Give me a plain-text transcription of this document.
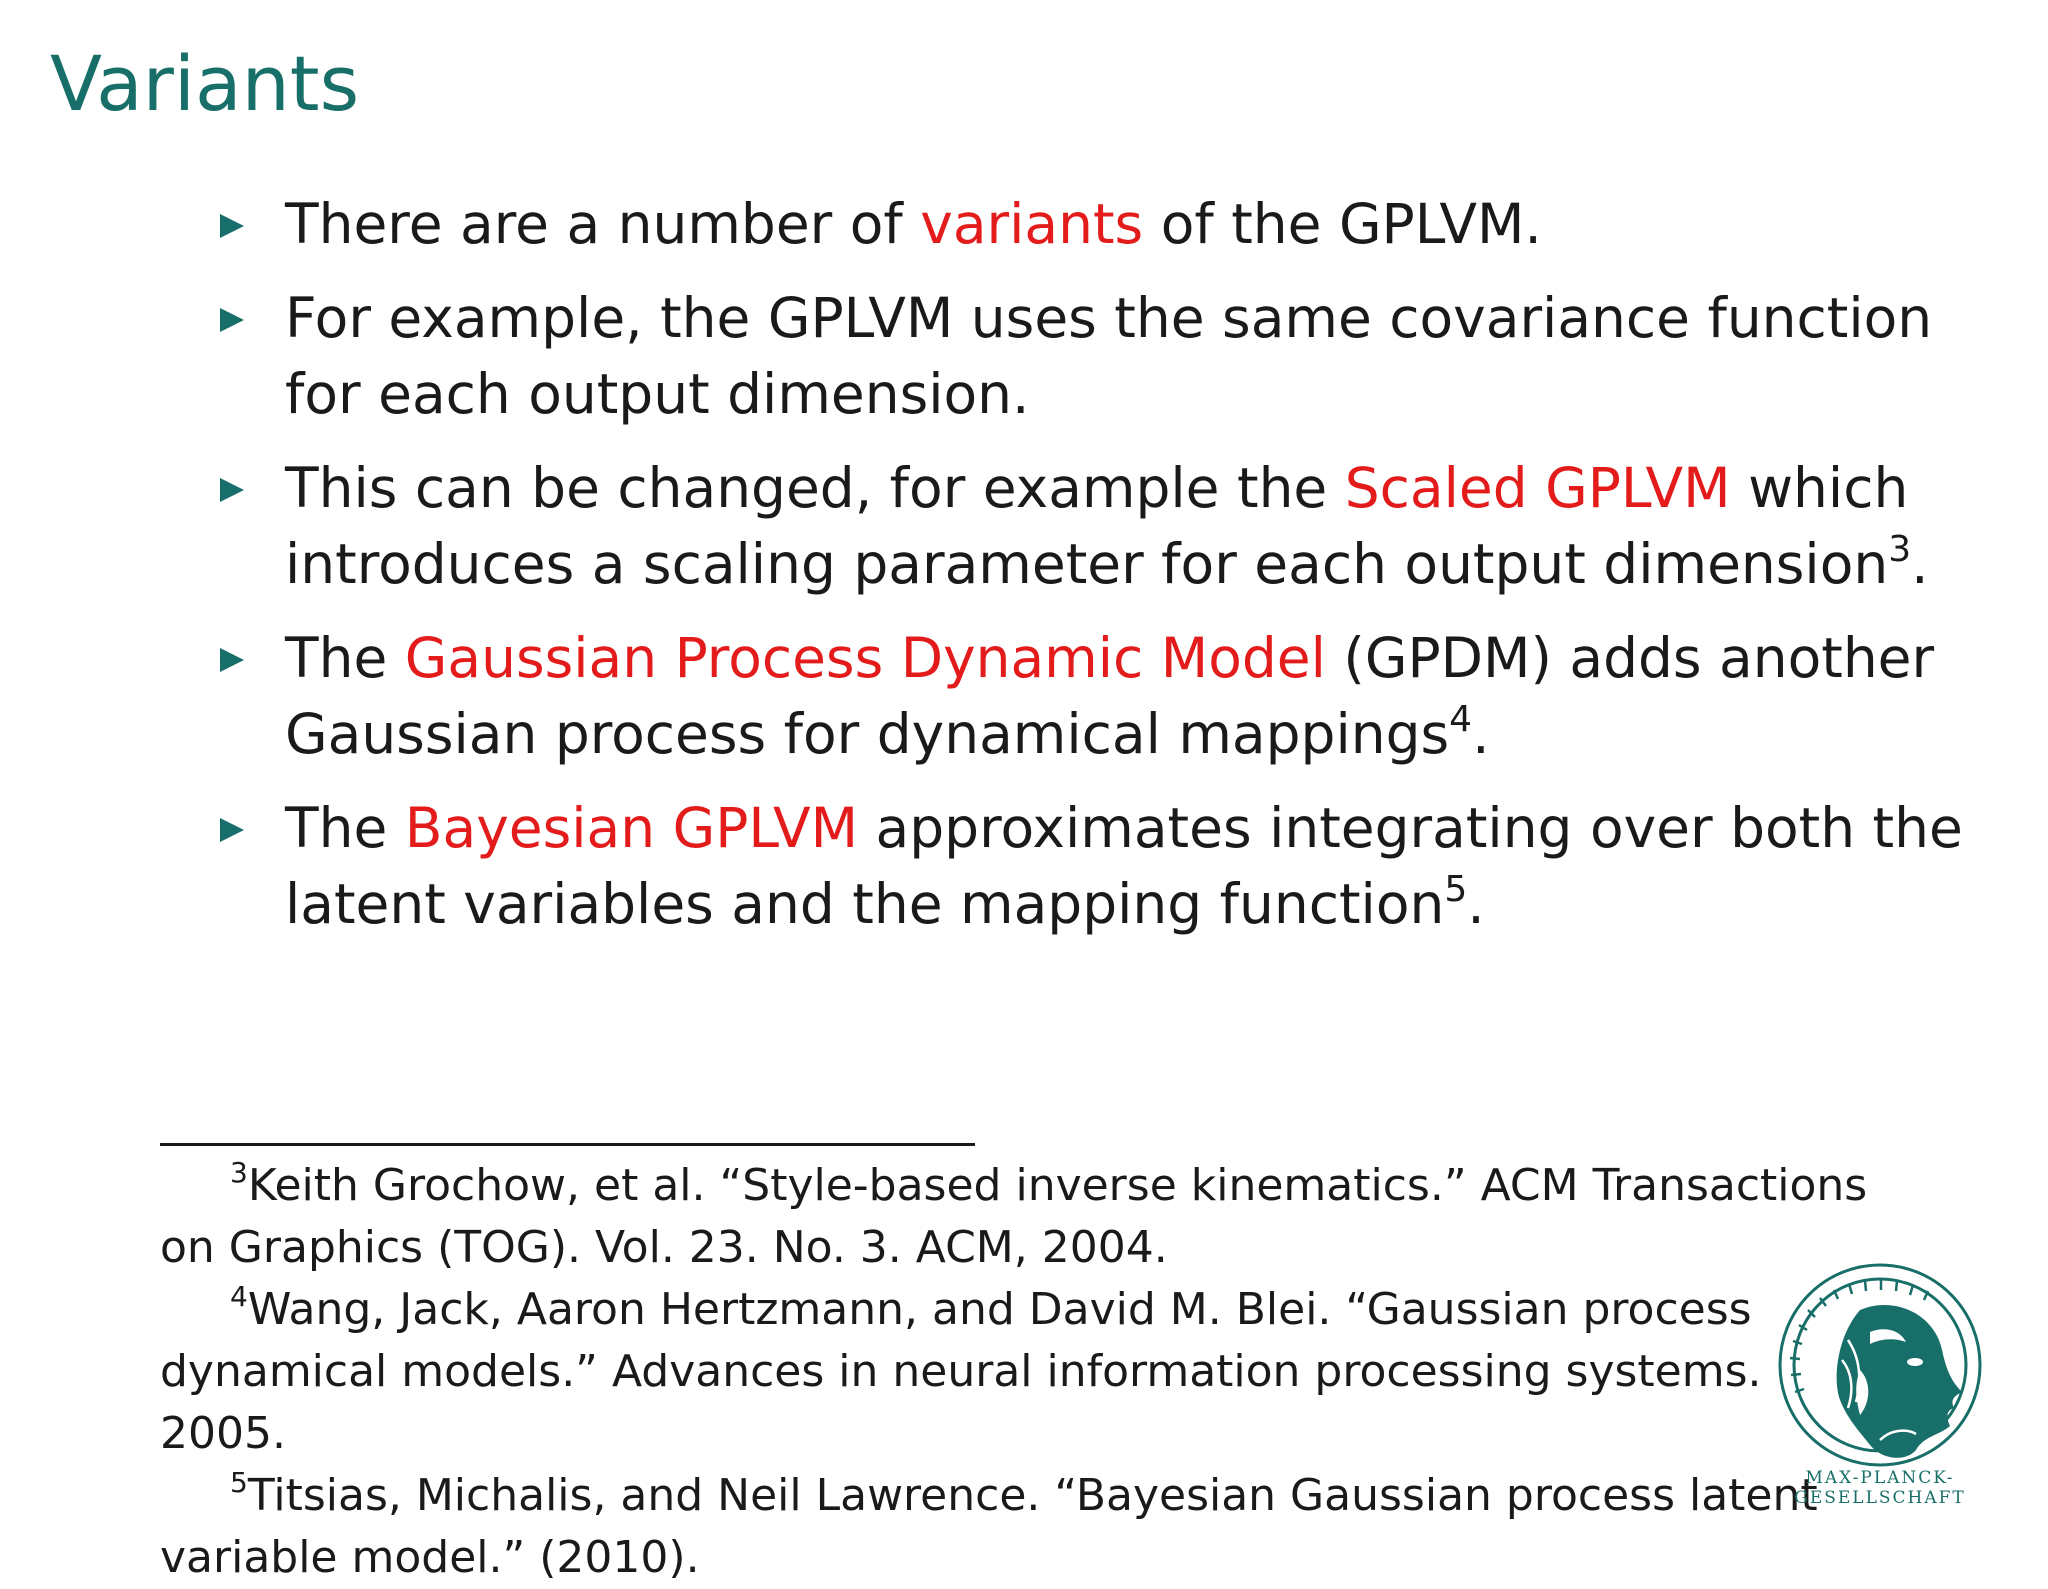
Variants
There are a number of variants of the GPLVM.
For example, the GPLVM uses the same covariance function for each output dimension.
This can be changed, for example the Scaled GPLVM which introduces a scaling parameter for each output dimension$^3$.
The Gaussian Process Dynamic Model (GPDM) adds another Gaussian process for dynamical mappings$^4$.
The Bayesian GPLVM approximates integrating over both the latent variables and the mapping function$^5$.

$^3$Keith Grochow, et al. “Style-based inverse kinematics.” ACM Transactions on Graphics (TOG). Vol. 23. No. 3. ACM, 2004.

$^4$Wang, Jack, Aaron Hertzmann, and David M. Blei. “Gaussian process dynamical models.” Advances in neural information processing systems. 2005.

$^5$Titsias, Michalis, and Neil Lawrence. “Bayesian Gaussian process latent variable model.” (2010).

MAX-PLANCK-GESELLSCHAFT
